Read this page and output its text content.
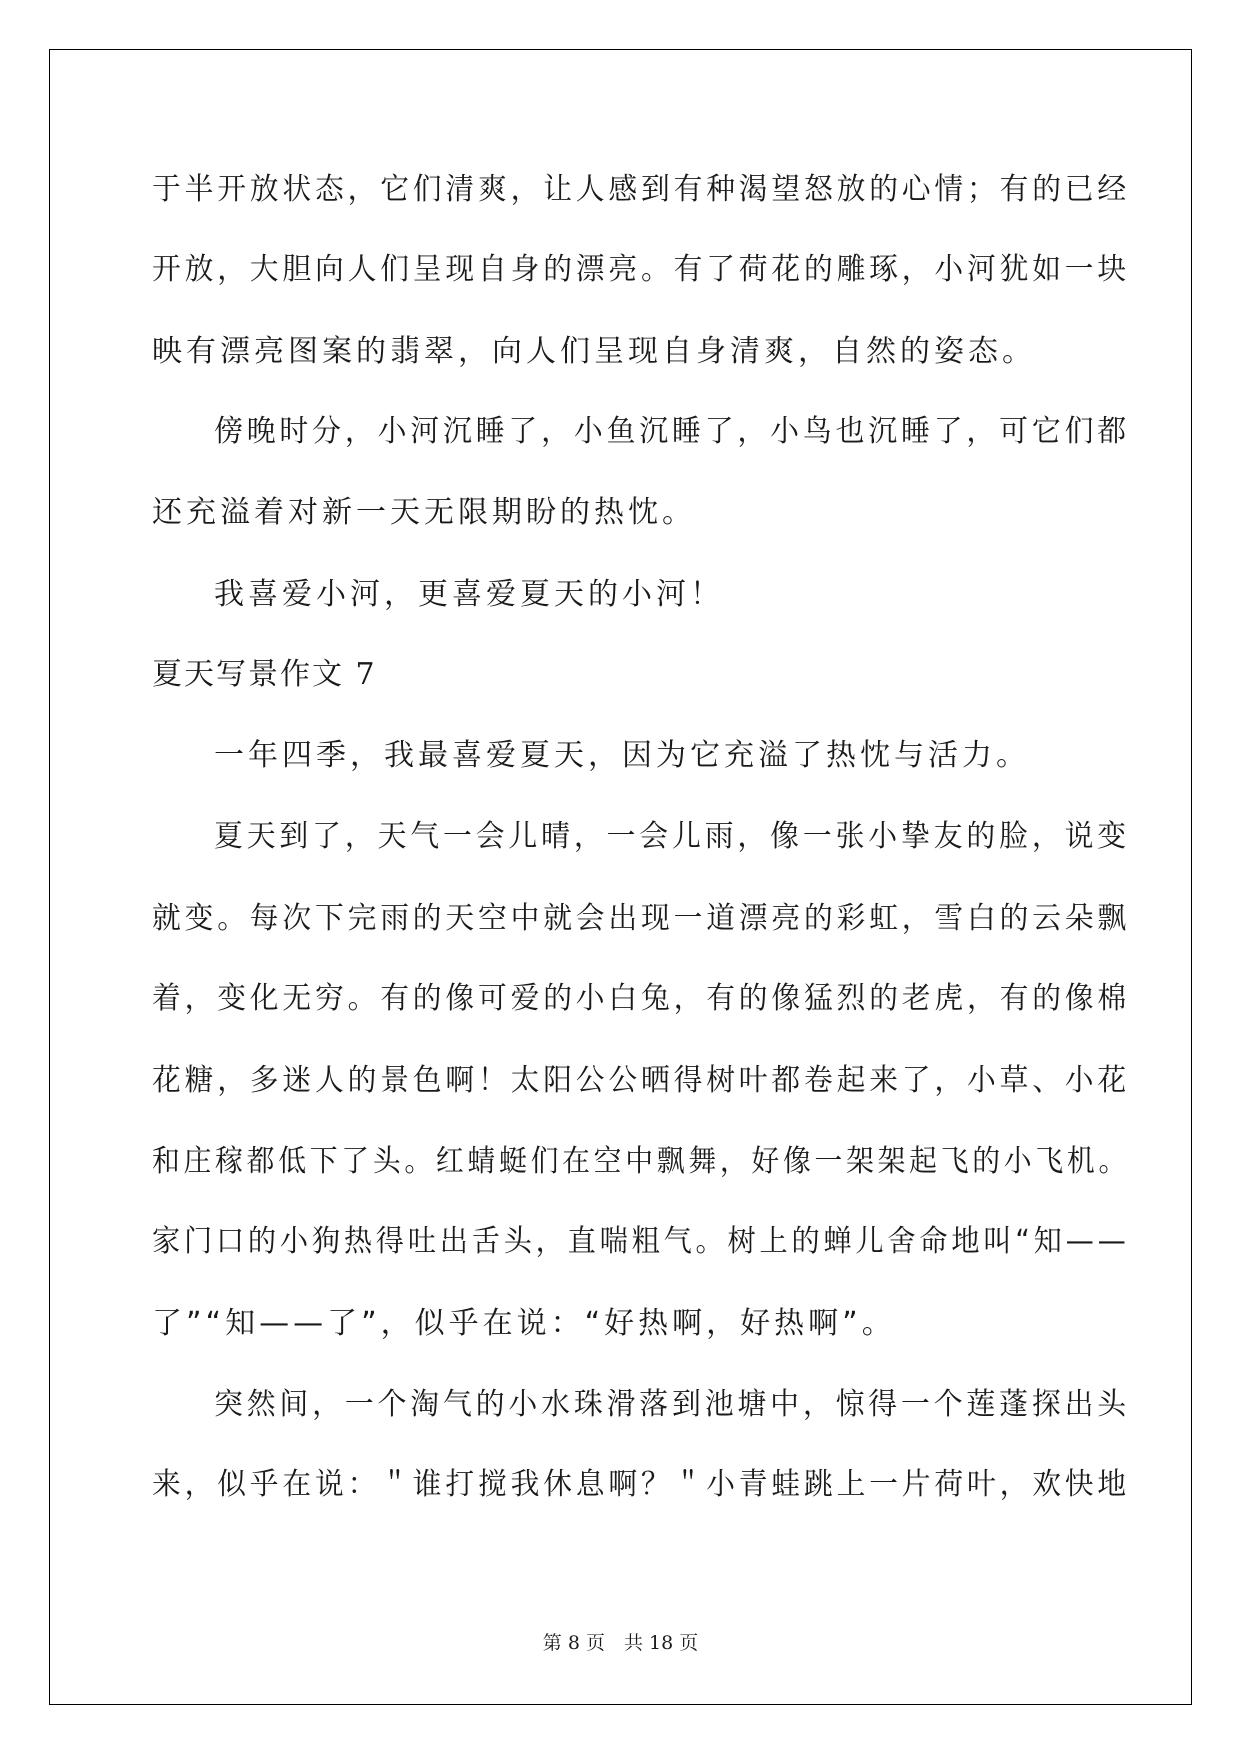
于半开放状态，它们清爽，让人感到有种渴望怒放的心情；有的已经
开放，大胆向人们呈现自身的漂亮。有了荷花的雕琢，小河犹如一块
映有漂亮图案的翡翠，向人们呈现自身清爽，自然的姿态。
傍晚时分，小河沉睡了，小鱼沉睡了，小鸟也沉睡了，可它们都
还充溢着对新一天无限期盼的热忱。
我喜爱小河，更喜爱夏天的小河！
夏天写景作文 7
一年四季，我最喜爱夏天，因为它充溢了热忱与活力。
夏天到了，天气一会儿晴，一会儿雨，像一张小挚友的脸，说变
就变。每次下完雨的天空中就会出现一道漂亮的彩虹，雪白的云朵飘
着，变化无穷。有的像可爱的小白兔，有的像猛烈的老虎，有的像棉
花糖，多迷人的景色啊！太阳公公晒得树叶都卷起来了，小草、小花
和庄稼都低下了头。红蜻蜓们在空中飘舞，好像一架架起飞的小飞机。
家门口的小狗热得吐出舌头，直喘粗气。树上的蝉儿舍命地叫“知——
了”“知——了”，似乎在说：“好热啊，好热啊”。
突然间，一个淘气的小水珠滑落到池塘中，惊得一个莲蓬探出头
来，似乎在说：＂谁打搅我休息啊？＂小青蛙跳上一片荷叶，欢快地
第 8 页　共 18 页
